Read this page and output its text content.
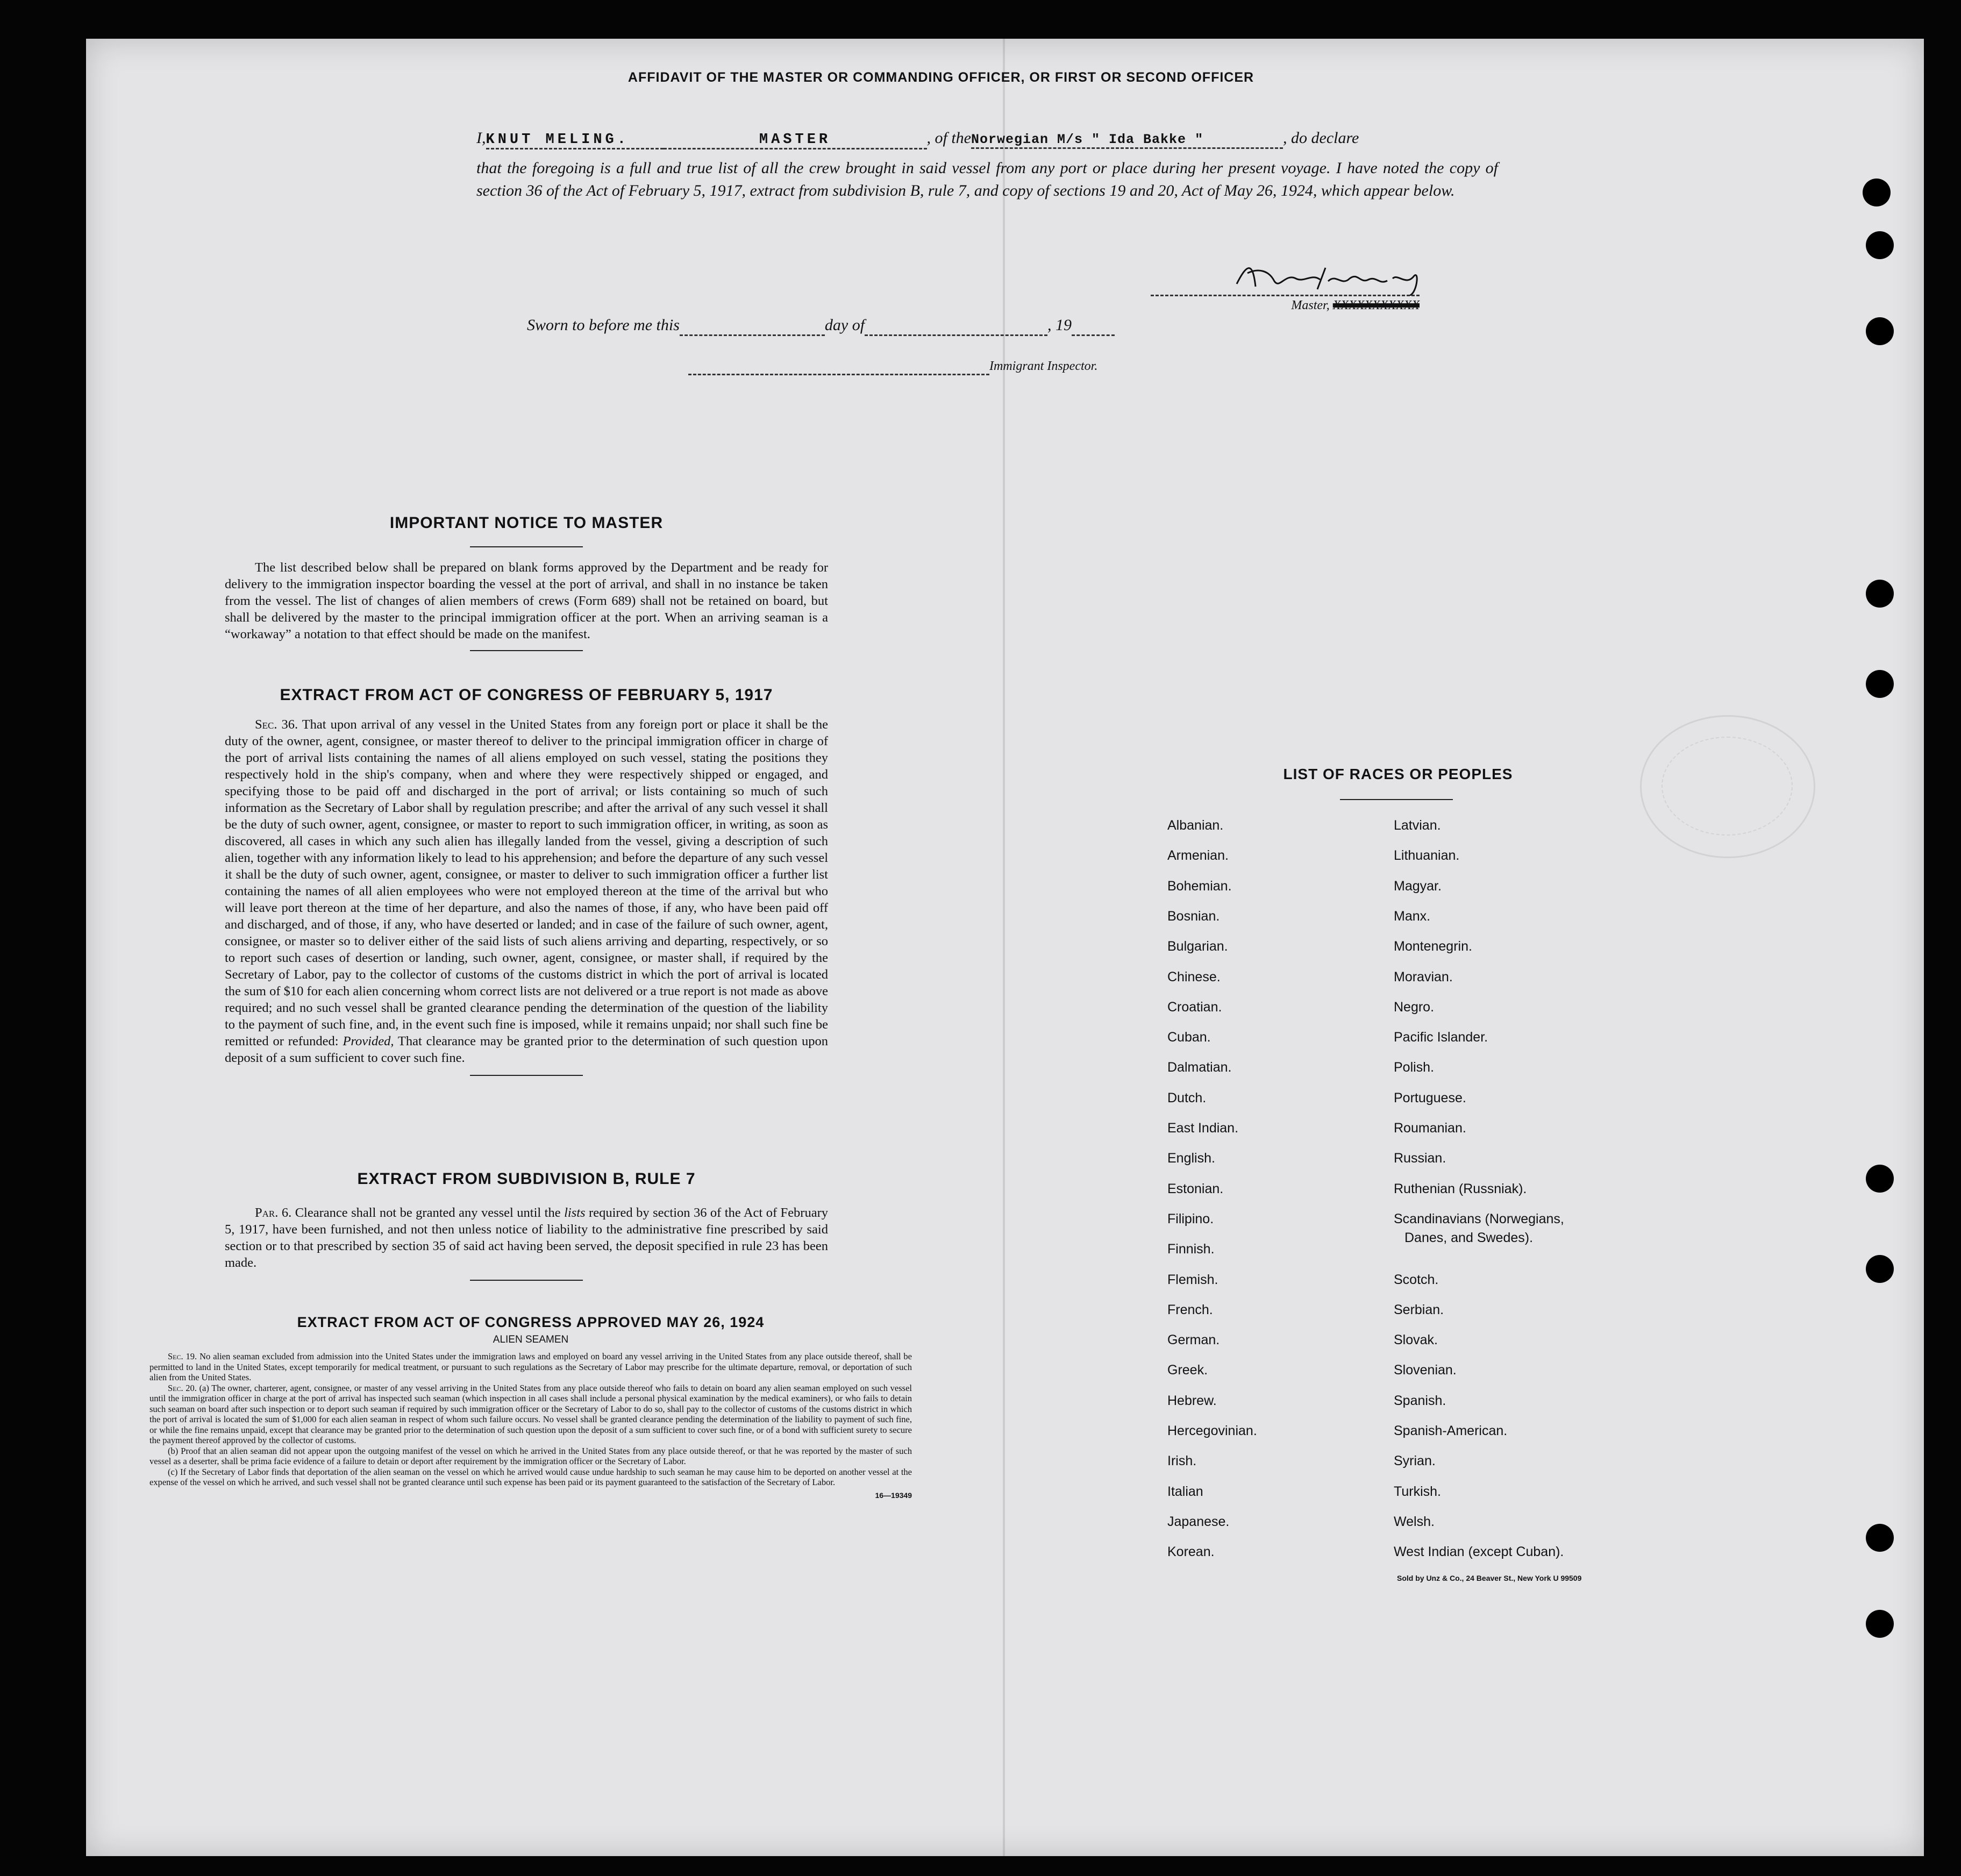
AFFIDAVIT OF THE MASTER OR COMMANDING OFFICER, OR FIRST OR SECOND OFFICER
I,KNUT MELING.	MASTER	, of theNorwegian M/s " Ida Bakke "	, do declare
that the foregoing is a full and true list of all the crew brought in said vessel from any port or place during her present voyage. I have noted the copy of section 36 of the Act of February 5, 1917, extract from subdivision B, rule 7, and copy of sections 19 and 20, Act of May 26, 1924, which appear below.
Master, XXXXXXXXXXX
Sworn to before me this	day of	, 19
Immigrant Inspector.

IMPORTANT NOTICE TO MASTER

The list described below shall be prepared on blank forms approved by the Department and be ready for delivery to the immigration inspector boarding the vessel at the port of arrival, and shall in no instance be taken from the vessel. The list of changes of alien members of crews (Form 689) shall not be retained on board, but shall be delivered by the master to the principal immigration officer at the port. When an arriving seaman is a “workaway” a notation to that effect should be made on the manifest.

EXTRACT FROM ACT OF CONGRESS OF FEBRUARY 5, 1917

Sec. 36. That upon arrival of any vessel in the United States from any foreign port or place it shall be the duty of the owner, agent, consignee, or master thereof to deliver to the principal immigration officer in charge of the port of arrival lists containing the names of all aliens employed on such vessel, stating the positions they respectively hold in the ship's company, when and where they were respectively shipped or engaged, and specifying those to be paid off and discharged in the port of arrival; or lists containing so much of such information as the Secretary of Labor shall by regulation prescribe; and after the arrival of any such vessel it shall be the duty of such owner, agent, consignee, or master to report to such immigration officer, in writing, as soon as discovered, all cases in which any such alien has illegally landed from the vessel, giving a description of such alien, together with any information likely to lead to his apprehension; and before the departure of any such vessel it shall be the duty of such owner, agent, consignee, or master to deliver to such immigration officer a further list containing the names of all alien employees who were not employed thereon at the time of the arrival but who will leave port thereon at the time of her departure, and also the names of those, if any, who have been paid off and discharged, and of those, if any, who have deserted or landed; and in case of the failure of such owner, agent, consignee, or master so to deliver either of the said lists of such aliens arriving and departing, respectively, or so to report such cases of desertion or landing, such owner, agent, consignee, or master shall, if required by the Secretary of Labor, pay to the collector of customs of the customs district in which the port of arrival is located the sum of $10 for each alien concerning whom correct lists are not delivered or a true report is not made as above required; and no such vessel shall be granted clearance pending the determination of the question of the liability to the payment of such fine, and, in the event such fine is imposed, while it remains unpaid; nor shall such fine be remitted or refunded: Provided, That clearance may be granted prior to the determination of such question upon deposit of a sum sufficient to cover such fine.

EXTRACT FROM SUBDIVISION B, RULE 7

Par. 6. Clearance shall not be granted any vessel until the lists required by section 36 of the Act of February 5, 1917, have been furnished, and not then unless notice of liability to the administrative fine prescribed by said section or to that prescribed by section 35 of said act having been served, the deposit specified in rule 23 has been made.

EXTRACT FROM ACT OF CONGRESS APPROVED MAY 26, 1924

ALIEN SEAMEN

Sec. 19. No alien seaman excluded from admission into the United States under the immigration laws and employed on board any vessel arriving in the United States from any place outside thereof, shall be permitted to land in the United States, except temporarily for medical treatment, or pursuant to such regulations as the Secretary of Labor may prescribe for the ultimate departure, removal, or deportation of such alien from the United States.

Sec. 20. (a) The owner, charterer, agent, consignee, or master of any vessel arriving in the United States from any place outside thereof who fails to detain on board any alien seaman employed on such vessel until the immigration officer in charge at the port of arrival has inspected such seaman (which inspection in all cases shall include a personal physical examination by the medical examiners), or who fails to detain such seaman on board after such inspection or to deport such seaman if required by such immigration officer or the Secretary of Labor to do so, shall pay to the collector of customs of the customs district in which the port of arrival is located the sum of $1,000 for each alien seaman in respect of whom such failure occurs. No vessel shall be granted clearance pending the determination of the liability to payment of such fine, or while the fine remains unpaid, except that clearance may be granted prior to the determination of such question upon the deposit of a sum sufficient to cover such fine, or of a bond with sufficient surety to secure the payment thereof approved by the collector of customs.

(b) Proof that an alien seaman did not appear upon the outgoing manifest of the vessel on which he arrived in the United States from any place outside thereof, or that he was reported by the master of such vessel as a deserter, shall be prima facie evidence of a failure to detain or deport after requirement by the immigration officer or the Secretary of Labor.

(c) If the Secretary of Labor finds that deportation of the alien seaman on the vessel on which he arrived would cause undue hardship to such seaman he may cause him to be deported on another vessel at the expense of the vessel on which he arrived, and such vessel shall not be granted clearance until such expense has been paid or its payment guaranteed to the satisfaction of the Secretary of Labor.

16—19349
LIST OF RACES OR PEOPLES
Albanian.
Armenian.
Bohemian.
Bosnian.
Bulgarian.
Chinese.
Croatian.
Cuban.
Dalmatian.
Dutch.
East Indian.
English.
Estonian.
Filipino.
Finnish.
Flemish.
French.
German.
Greek.
Hebrew.
Hercegovinian.
Irish.
Italian
Japanese.
Korean.
Latvian.
Lithuanian.
Magyar.
Manx.
Montenegrin.
Moravian.
Negro.
Pacific Islander.
Polish.
Portuguese.
Roumanian.
Russian.
Ruthenian (Russniak).
Scandinavians (Norwegians,
Danes, and Swedes).
Scotch.
Serbian.
Slovak.
Slovenian.
Spanish.
Spanish-American.
Syrian.
Turkish.
Welsh.
West Indian (except Cuban).
Sold by Unz & Co., 24 Beaver St., New York U 99509
